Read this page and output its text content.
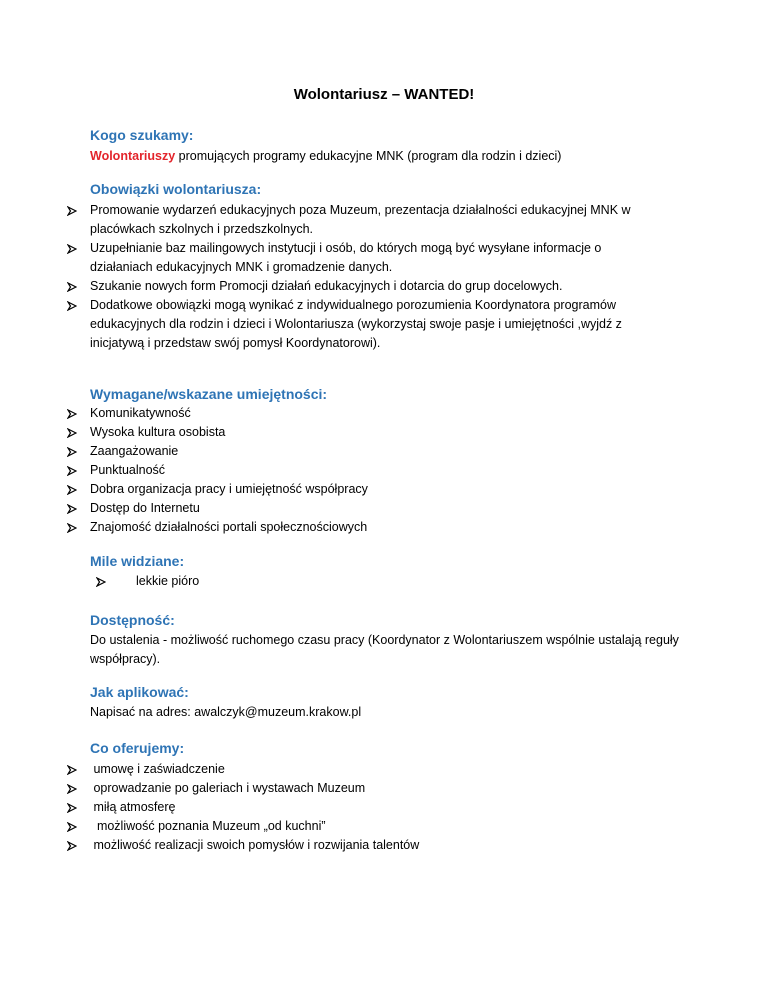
Wolontariusz – WANTED!
Kogo szukamy:
Wolontariuszy promujących programy edukacyjne MNK (program dla rodzin i dzieci)
Obowiązki wolontariusza:
Promowanie wydarzeń edukacyjnych poza Muzeum, prezentacja działalności edukacyjnej MNK w placówkach szkolnych i przedszkolnych.
Uzupełnianie baz mailingowych instytucji i osób, do których mogą być wysyłane informacje o działaniach edukacyjnych MNK i gromadzenie danych.
Szukanie nowych form Promocji działań edukacyjnych i dotarcia do grup docelowych.
Dodatkowe obowiązki mogą wynikać z indywidualnego porozumienia Koordynatora programów edukacyjnych dla rodzin i dzieci i Wolontariusza (wykorzystaj swoje pasje i umiejętności ,wyjdź z inicjatywą i przedstaw swój pomysł Koordynatorowi).
Wymagane/wskazane umiejętności:
Komunikatywność
Wysoka kultura osobista
Zaangażowanie
Punktualność
Dobra organizacja pracy i umiejętność współpracy
Dostęp do Internetu
Znajomość działalności portali społecznościowych
Mile widziane:
lekkie pióro
Dostępność:
Do ustalenia - możliwość ruchomego czasu pracy (Koordynator z Wolontariuszem wspólnie ustalają reguły współpracy).
Jak aplikować:
Napisać na adres: awalczyk@muzeum.krakow.pl
Co oferujemy:
umowę i zaświadczenie
oprowadzanie po galeriach i wystawach Muzeum
miłą atmosferę
możliwość poznania Muzeum „od kuchni”
możliwość realizacji swoich pomysłów i rozwijania talentów
